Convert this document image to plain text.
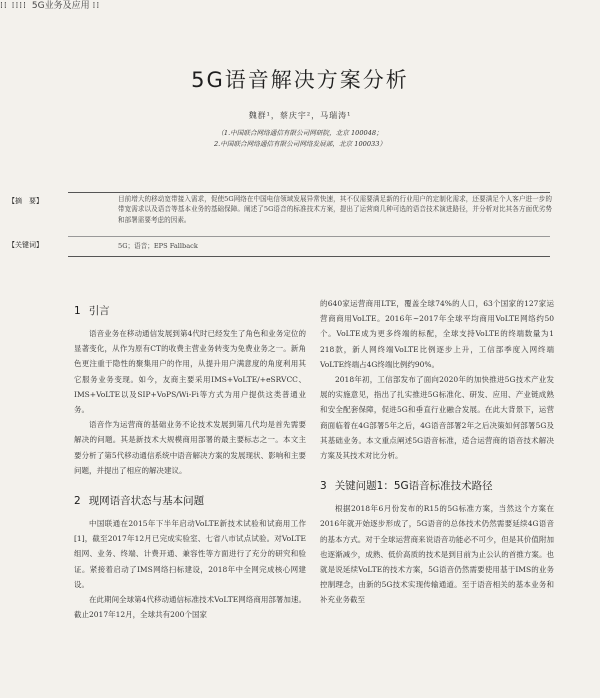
⁞⁞ ⁞⁞⁞⁞ 5G业务及应用 ⁞⁞
5G语音解决方案分析
魏群¹，蔡庆宇²，马瑞涛¹
（1.中国联合网络通信有限公司网研院，北京 100048；
2.中国联合网络通信有限公司网络发展部，北京 100033）
【摘　要】	目前增大的移动宽带接入需求，促使5G网络在中国电信领域发展异常快速，其不仅需要满足新的行业用户的定制化需求，还要满足个人客户进一步的带宽需求以及语音等基本业务的基础保障。阐述了5G语音的标准技术方案，提出了运营商几种可选的语音技术演进路径，并分析对比其各方面优劣势和部署需要考虑的因素。
【关键词】	5G；语音；EPS Fallback
1 引言

语音业务在移动通信发展到第4代时已经发生了角色和业务定位的显著变化，从作为原有CT的收费主营业务转变为免费业务之一。新角色更注重于隐性的聚集用户的作用，从提升用户满意度的角度利用其它服务业务变现。如今，友商主要采用IMS+VoLTE/+eSRVCC、IMS+VoLTE以及SIP+VoPS/Wi-Fi等方式为用户提供这类普通业务。

语音作为运营商的基础业务不论技术发展到第几代均是首先需要解决的问题。其是新技术大规模商用部署的最主要标志之一。本文主要分析了第5代移动通信系统中语音解决方案的发展现状、影响和主要问题，并提出了相应的解决建议。

2 现网语音状态与基本问题

中国联通在2015年下半年启动VoLTE新技术试验和试商用工作[1]，截至2017年12月已完成实验室、七省八市试点试验。对VoLTE组网、业务、终端、计费开通、兼容性等方面进行了充分的研究和验证。紧接着启动了IMS网络扫标建设，2018年中全网完成核心网建设。

在此期间全球第4代移动通信标准技术VoLTE网络商用部署加速。截止2017年12月，全球共有200个国家

的640家运营商用LTE，覆盖全球74%的人口，63个国家的127家运营商商用VoLTE。2016年~2017年全球平均商用VoLTE网络约50个。VoLTE成为更多终端的标配，全球支持VoLTE的终端数量为1 218款，新人网终端VoLTE比例逐步上升，工信部季度入网终端VoLTE终端占4G终端比例约90%。

2018年初，工信部发布了面向2020年的加快推进5G技术产业发展的实施意见，指出了扎实推进5G标准化、研发、应用、产业链成熟和安全配套保障，促进5G和垂直行业融合发展。在此大背景下，运营商面临着在4G部署5年之后，4G语音部署2年之后决策如何部署5G及其基础业务。本文重点阐述5G语音标准，适合运营商的语音技术解决方案及其技术对比分析。

3 关键问题1：5G语音标准技术路径

根据2018年6月份发布的R15的5G标准方案，当然这个方案在2016年就开始逐步形成了，5G语音的总体技术仍然需要延续4G语音的基本方式。对于全球运营商来说语音功能必不可少，但是其价值附加也逐渐减少，成熟、低价高质的技术是到目前为止公认的首推方案。也就是说延续VoLTE的技术方案，5G语音仍然需要使用基于IMS的业务控制理念，由新的5G技术实现传输通道。至于语音相关的基本业务和补充业务截至
